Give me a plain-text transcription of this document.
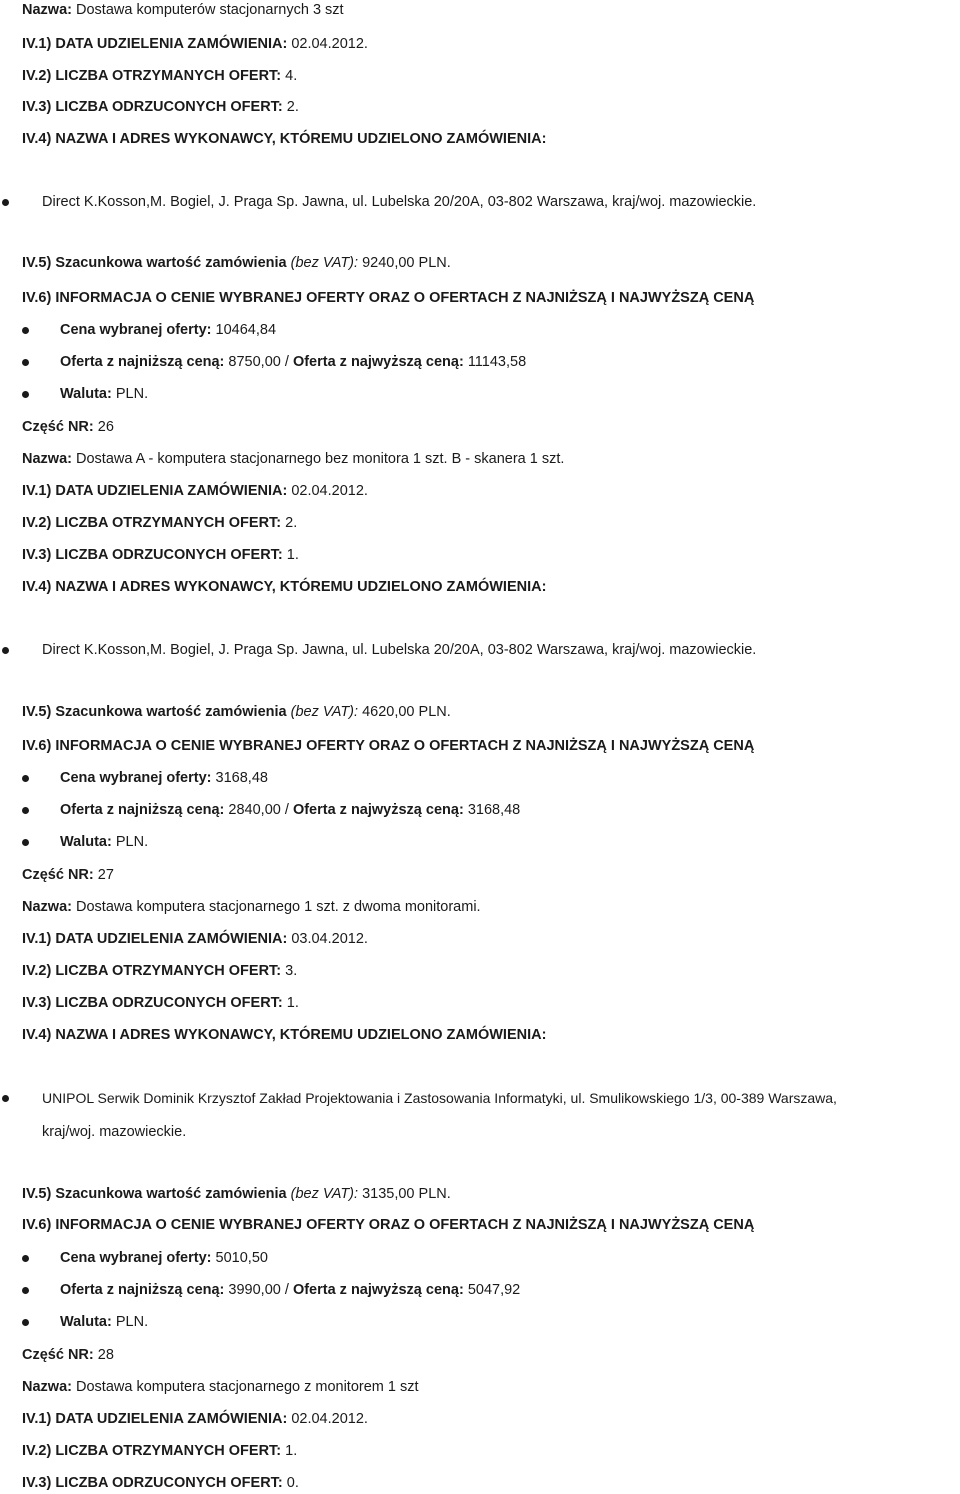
Nazwa: Dostawa komputerów stacjonarnych 3 szt
IV.1) DATA UDZIELENIA ZAMÓWIENIA: 02.04.2012.
IV.2) LICZBA OTRZYMANYCH OFERT: 4.
IV.3) LICZBA ODRZUCONYCH OFERT: 2.
IV.4) NAZWA I ADRES WYKONAWCY, KTÓREMU UDZIELONO ZAMÓWIENIA:
Direct K.Kosson,M. Bogiel, J. Praga Sp. Jawna, ul. Lubelska 20/20A, 03-802 Warszawa, kraj/woj. mazowieckie.
IV.5) Szacunkowa wartość zamówienia (bez VAT): 9240,00 PLN.
IV.6) INFORMACJA O CENIE WYBRANEJ OFERTY ORAZ O OFERTACH Z NAJNIŻSZĄ I NAJWYŻSZĄ CENĄ
Cena wybranej oferty: 10464,84
Oferta z najniższą ceną: 8750,00 / Oferta z najwyższą ceną: 11143,58
Waluta: PLN.
Część NR: 26
Nazwa: Dostawa A - komputera stacjonarnego bez monitora 1 szt. B - skanera 1 szt.
IV.1) DATA UDZIELENIA ZAMÓWIENIA: 02.04.2012.
IV.2) LICZBA OTRZYMANYCH OFERT: 2.
IV.3) LICZBA ODRZUCONYCH OFERT: 1.
IV.4) NAZWA I ADRES WYKONAWCY, KTÓREMU UDZIELONO ZAMÓWIENIA:
Direct K.Kosson,M. Bogiel, J. Praga Sp. Jawna, ul. Lubelska 20/20A, 03-802 Warszawa, kraj/woj. mazowieckie.
IV.5) Szacunkowa wartość zamówienia (bez VAT): 4620,00 PLN.
IV.6) INFORMACJA O CENIE WYBRANEJ OFERTY ORAZ O OFERTACH Z NAJNIŻSZĄ I NAJWYŻSZĄ CENĄ
Cena wybranej oferty: 3168,48
Oferta z najniższą ceną: 2840,00 / Oferta z najwyższą ceną: 3168,48
Waluta: PLN.
Część NR: 27
Nazwa: Dostawa komputera stacjonarnego 1 szt. z dwoma monitorami.
IV.1) DATA UDZIELENIA ZAMÓWIENIA: 03.04.2012.
IV.2) LICZBA OTRZYMANYCH OFERT: 3.
IV.3) LICZBA ODRZUCONYCH OFERT: 1.
IV.4) NAZWA I ADRES WYKONAWCY, KTÓREMU UDZIELONO ZAMÓWIENIA:
UNIPOL Serwik Dominik Krzysztof Zakład Projektowania i Zastosowania Informatyki, ul. Smulikowskiego 1/3, 00-389 Warszawa,
kraj/woj. mazowieckie.
IV.5) Szacunkowa wartość zamówienia (bez VAT): 3135,00 PLN.
IV.6) INFORMACJA O CENIE WYBRANEJ OFERTY ORAZ O OFERTACH Z NAJNIŻSZĄ I NAJWYŻSZĄ CENĄ
Cena wybranej oferty: 5010,50
Oferta z najniższą ceną: 3990,00 / Oferta z najwyższą ceną: 5047,92
Waluta: PLN.
Część NR: 28
Nazwa: Dostawa komputera stacjonarnego z monitorem 1 szt
IV.1) DATA UDZIELENIA ZAMÓWIENIA: 02.04.2012.
IV.2) LICZBA OTRZYMANYCH OFERT: 1.
IV.3) LICZBA ODRZUCONYCH OFERT: 0.
